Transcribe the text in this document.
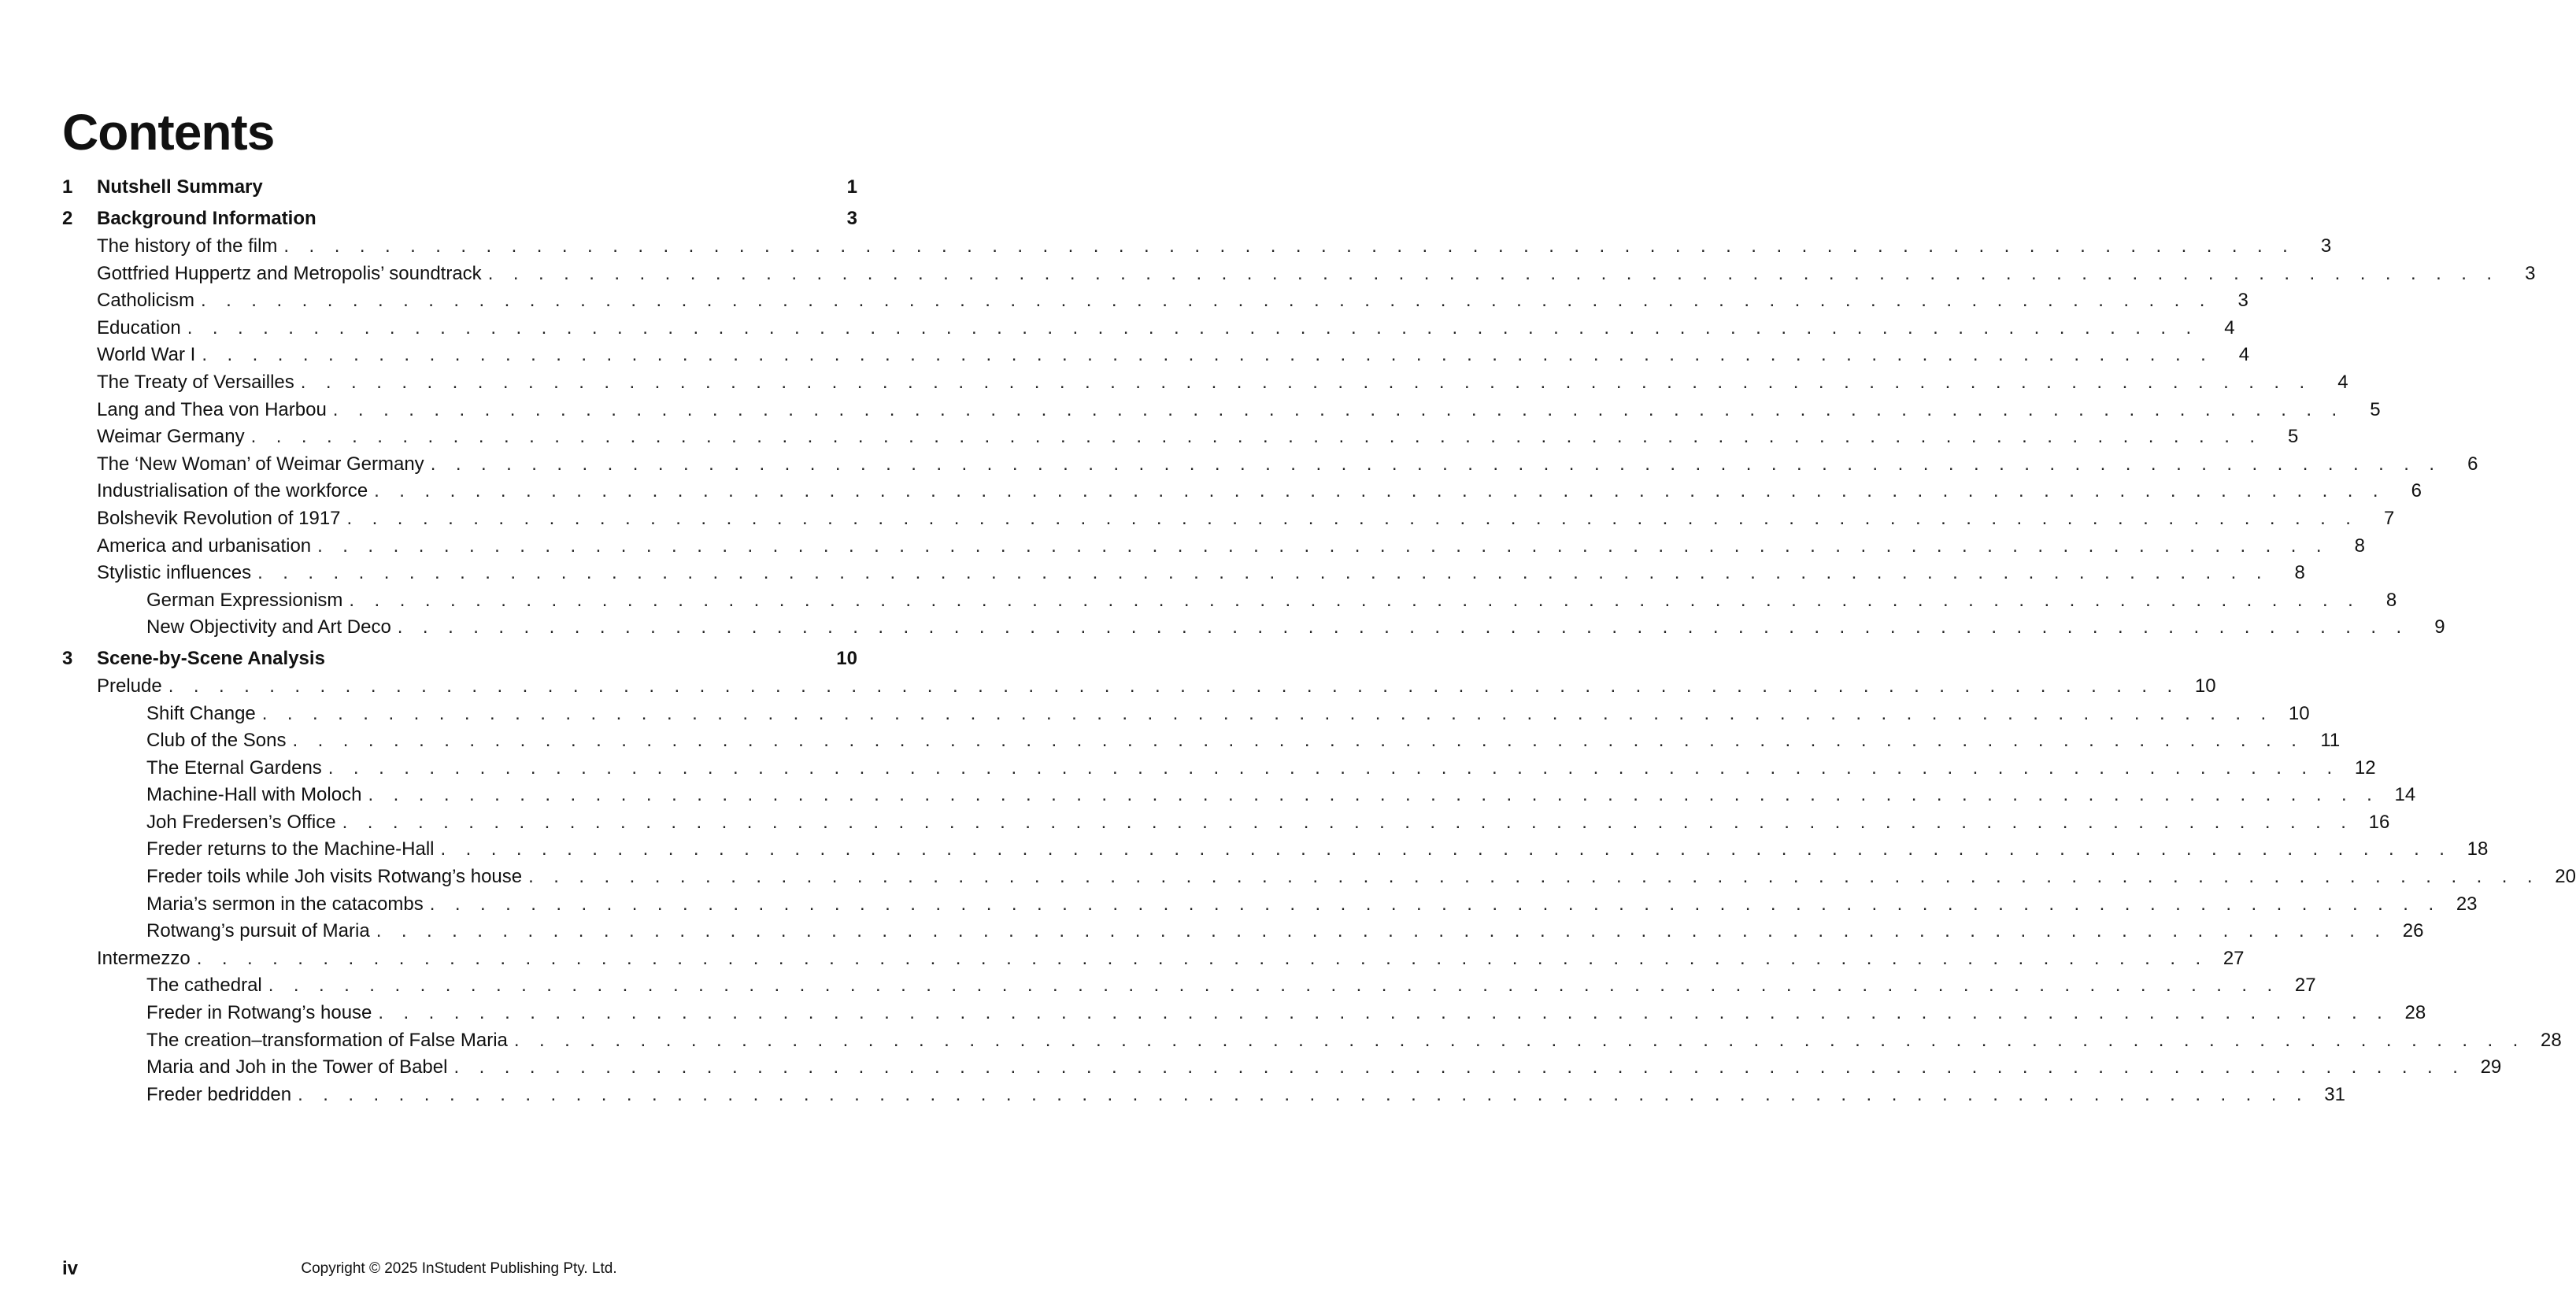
Contents
1	Nutshell Summary	1
2	Background Information	3
The history of the film . . . . . . . . . . . . . . . . . . . . . . . . . . . . . . . . . . . . . . . . . . . . . . . . . . . . . . . . . . . . . . . . . . . . . . . . . . . . . . . .	3
Gottfried Huppertz and Metropolis’ soundtrack . . . . . . . . . . . . . . . . . . . . . . . . . . . . . . . . . . . . . . . . . . . . . . . . . . . . . . . . . . . . . . . . . . . . . . . . . . . . . . . .	3
Catholicism . . . . . . . . . . . . . . . . . . . . . . . . . . . . . . . . . . . . . . . . . . . . . . . . . . . . . . . . . . . . . . . . . . . . . . . . . . . . . . . .	3
Education . . . . . . . . . . . . . . . . . . . . . . . . . . . . . . . . . . . . . . . . . . . . . . . . . . . . . . . . . . . . . . . . . . . . . . . . . . . . . . . .	4
World War I . . . . . . . . . . . . . . . . . . . . . . . . . . . . . . . . . . . . . . . . . . . . . . . . . . . . . . . . . . . . . . . . . . . . . . . . . . . . . . . .	4
The Treaty of Versailles . . . . . . . . . . . . . . . . . . . . . . . . . . . . . . . . . . . . . . . . . . . . . . . . . . . . . . . . . . . . . . . . . . . . . . . . . . . . . . . .	4
Lang and Thea von Harbou . . . . . . . . . . . . . . . . . . . . . . . . . . . . . . . . . . . . . . . . . . . . . . . . . . . . . . . . . . . . . . . . . . . . . . . . . . . . . . . .	5
Weimar Germany . . . . . . . . . . . . . . . . . . . . . . . . . . . . . . . . . . . . . . . . . . . . . . . . . . . . . . . . . . . . . . . . . . . . . . . . . . . . . . . .	5
The ‘New Woman’ of Weimar Germany . . . . . . . . . . . . . . . . . . . . . . . . . . . . . . . . . . . . . . . . . . . . . . . . . . . . . . . . . . . . . . . . . . . . . . . . . . . . . . . .	6
Industrialisation of the workforce . . . . . . . . . . . . . . . . . . . . . . . . . . . . . . . . . . . . . . . . . . . . . . . . . . . . . . . . . . . . . . . . . . . . . . . . . . . . . . . .	6
Bolshevik Revolution of 1917 . . . . . . . . . . . . . . . . . . . . . . . . . . . . . . . . . . . . . . . . . . . . . . . . . . . . . . . . . . . . . . . . . . . . . . . . . . . . . . . .	7
America and urbanisation . . . . . . . . . . . . . . . . . . . . . . . . . . . . . . . . . . . . . . . . . . . . . . . . . . . . . . . . . . . . . . . . . . . . . . . . . . . . . . . .	8
Stylistic influences . . . . . . . . . . . . . . . . . . . . . . . . . . . . . . . . . . . . . . . . . . . . . . . . . . . . . . . . . . . . . . . . . . . . . . . . . . . . . . . .	8
German Expressionism . . . . . . . . . . . . . . . . . . . . . . . . . . . . . . . . . . . . . . . . . . . . . . . . . . . . . . . . . . . . . . . . . . . . . . . . . . . . . . . .	8
New Objectivity and Art Deco . . . . . . . . . . . . . . . . . . . . . . . . . . . . . . . . . . . . . . . . . . . . . . . . . . . . . . . . . . . . . . . . . . . . . . . . . . . . . . . .	9
3	Scene-by-Scene Analysis	10
Prelude . . . . . . . . . . . . . . . . . . . . . . . . . . . . . . . . . . . . . . . . . . . . . . . . . . . . . . . . . . . . . . . . . . . . . . . . . . . . . . . . 10
Shift Change . . . . . . . . . . . . . . . . . . . . . . . . . . . . . . . . . . . . . . . . . . . . . . . . . . . . . . . . . . . . . . . . . . . . . . . . . . . . . . . . 10
Club of the Sons . . . . . . . . . . . . . . . . . . . . . . . . . . . . . . . . . . . . . . . . . . . . . . . . . . . . . . . . . . . . . . . . . . . . . . . . . . . . . . . . 11
The Eternal Gardens . . . . . . . . . . . . . . . . . . . . . . . . . . . . . . . . . . . . . . . . . . . . . . . . . . . . . . . . . . . . . . . . . . . . . . . . . . . . . . . . 12
Machine-Hall with Moloch . . . . . . . . . . . . . . . . . . . . . . . . . . . . . . . . . . . . . . . . . . . . . . . . . . . . . . . . . . . . . . . . . . . . . . . . . . . . . . . . 14
Joh Fredersen’s Office . . . . . . . . . . . . . . . . . . . . . . . . . . . . . . . . . . . . . . . . . . . . . . . . . . . . . . . . . . . . . . . . . . . . . . . . . . . . . . . . 16
Freder returns to the Machine-Hall . . . . . . . . . . . . . . . . . . . . . . . . . . . . . . . . . . . . . . . . . . . . . . . . . . . . . . . . . . . . . . . . . . . . . . . . . . . . . . . . 18
Freder toils while Joh visits Rotwang’s house . . . . . . . . . . . . . . . . . . . . . . . . . . . . . . . . . . . . . . . . . . . . . . . . . . . . . . . . . . . . . . . . . . . . . . . . . . . . . . . . 20
Maria’s sermon in the catacombs . . . . . . . . . . . . . . . . . . . . . . . . . . . . . . . . . . . . . . . . . . . . . . . . . . . . . . . . . . . . . . . . . . . . . . . . . . . . . . . . 23
Rotwang’s pursuit of Maria . . . . . . . . . . . . . . . . . . . . . . . . . . . . . . . . . . . . . . . . . . . . . . . . . . . . . . . . . . . . . . . . . . . . . . . . . . . . . . . . 26
Intermezzo . . . . . . . . . . . . . . . . . . . . . . . . . . . . . . . . . . . . . . . . . . . . . . . . . . . . . . . . . . . . . . . . . . . . . . . . . . . . . . . . 27
The cathedral . . . . . . . . . . . . . . . . . . . . . . . . . . . . . . . . . . . . . . . . . . . . . . . . . . . . . . . . . . . . . . . . . . . . . . . . . . . . . . . . 27
Freder in Rotwang’s house . . . . . . . . . . . . . . . . . . . . . . . . . . . . . . . . . . . . . . . . . . . . . . . . . . . . . . . . . . . . . . . . . . . . . . . . . . . . . . . . 28
The creation–transformation of False Maria . . . . . . . . . . . . . . . . . . . . . . . . . . . . . . . . . . . . . . . . . . . . . . . . . . . . . . . . . . . . . . . . . . . . . . . . . . . . . . . . 28
Maria and Joh in the Tower of Babel . . . . . . . . . . . . . . . . . . . . . . . . . . . . . . . . . . . . . . . . . . . . . . . . . . . . . . . . . . . . . . . . . . . . . . . . . . . . . . . . 29
Freder bedridden . . . . . . . . . . . . . . . . . . . . . . . . . . . . . . . . . . . . . . . . . . . . . . . . . . . . . . . . . . . . . . . . . . . . . . . . . . . . . . . . 31
iv	Copyright © 2025 InStudent Publishing Pty. Ltd.
